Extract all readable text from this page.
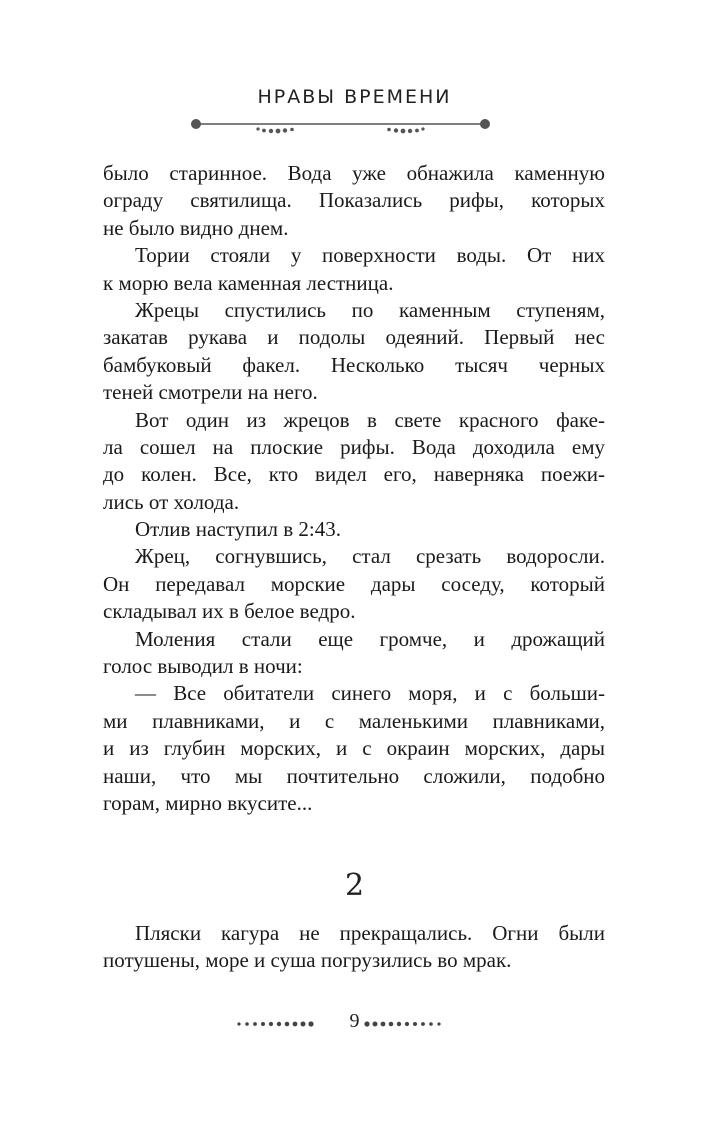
НРАВЫ ВРЕМЕНИ
было старинное. Вода уже обнажила каменную
ограду святилища. Показались рифы, которых
не было видно днем.
Тории стояли у поверхности воды. От них
к морю вела каменная лестница.
Жрецы спустились по каменным ступеням,
закатав рукава и подолы одеяний. Первый нес
бамбуковый факел. Несколько тысяч черных
теней смотрели на него.
Вот один из жрецов в свете красного факе-
ла сошел на плоские рифы. Вода доходила ему
до колен. Все, кто видел его, наверняка поежи-
лись от холода.
Отлив наступил в 2:43.
Жрец, согнувшись, стал срезать водоросли.
Он передавал морские дары соседу, который
складывал их в белое ведро.
Моления стали еще громче, и дрожащий
голос выводил в ночи:
— Все обитатели синего моря, и с больши-
ми плавниками, и с маленькими плавниками,
и из глубин морских, и с окраин морских, дары
наши, что мы почтительно сложили, подобно
горам, мирно вкусите...
2
Пляски кагура не прекращались. Огни были
потушены, море и суша погрузились во мрак.
9
